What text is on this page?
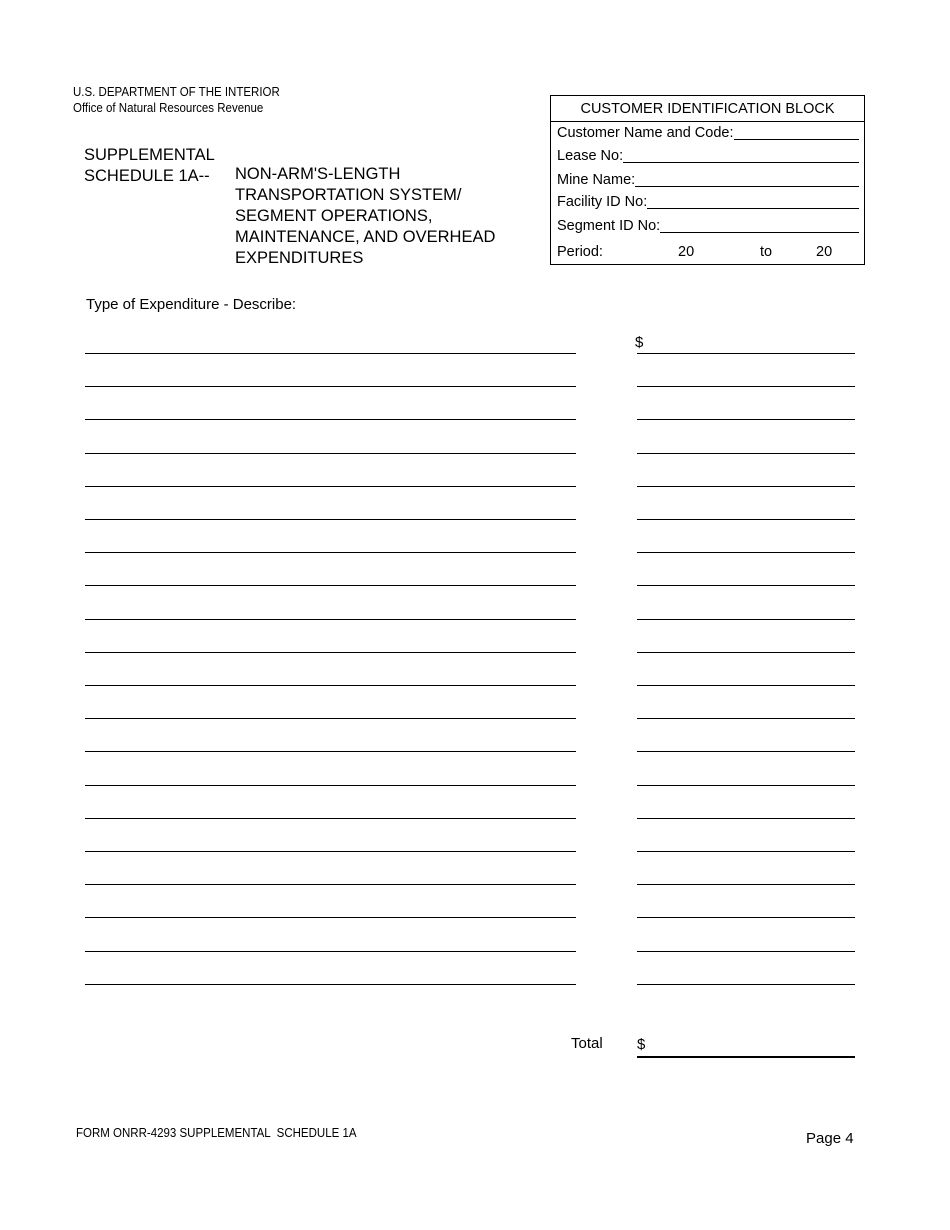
U.S. DEPARTMENT OF THE INTERIOR
Office of Natural Resources Revenue
SUPPLEMENTAL
SCHEDULE 1A--	NON-ARM'S-LENGTH
TRANSPORTATION SYSTEM/
SEGMENT OPERATIONS,
MAINTENANCE, AND OVERHEAD
EXPENDITURES
CUSTOMER IDENTIFICATION BLOCK
Customer Name and Code:
Lease No:
Mine Name:
Facility ID No:
Segment ID No:
Period:	20	to	20
Type of Expenditure - Describe:
$
Total $
FORM ONRR-4293 SUPPLEMENTAL  SCHEDULE 1A	Page 4
